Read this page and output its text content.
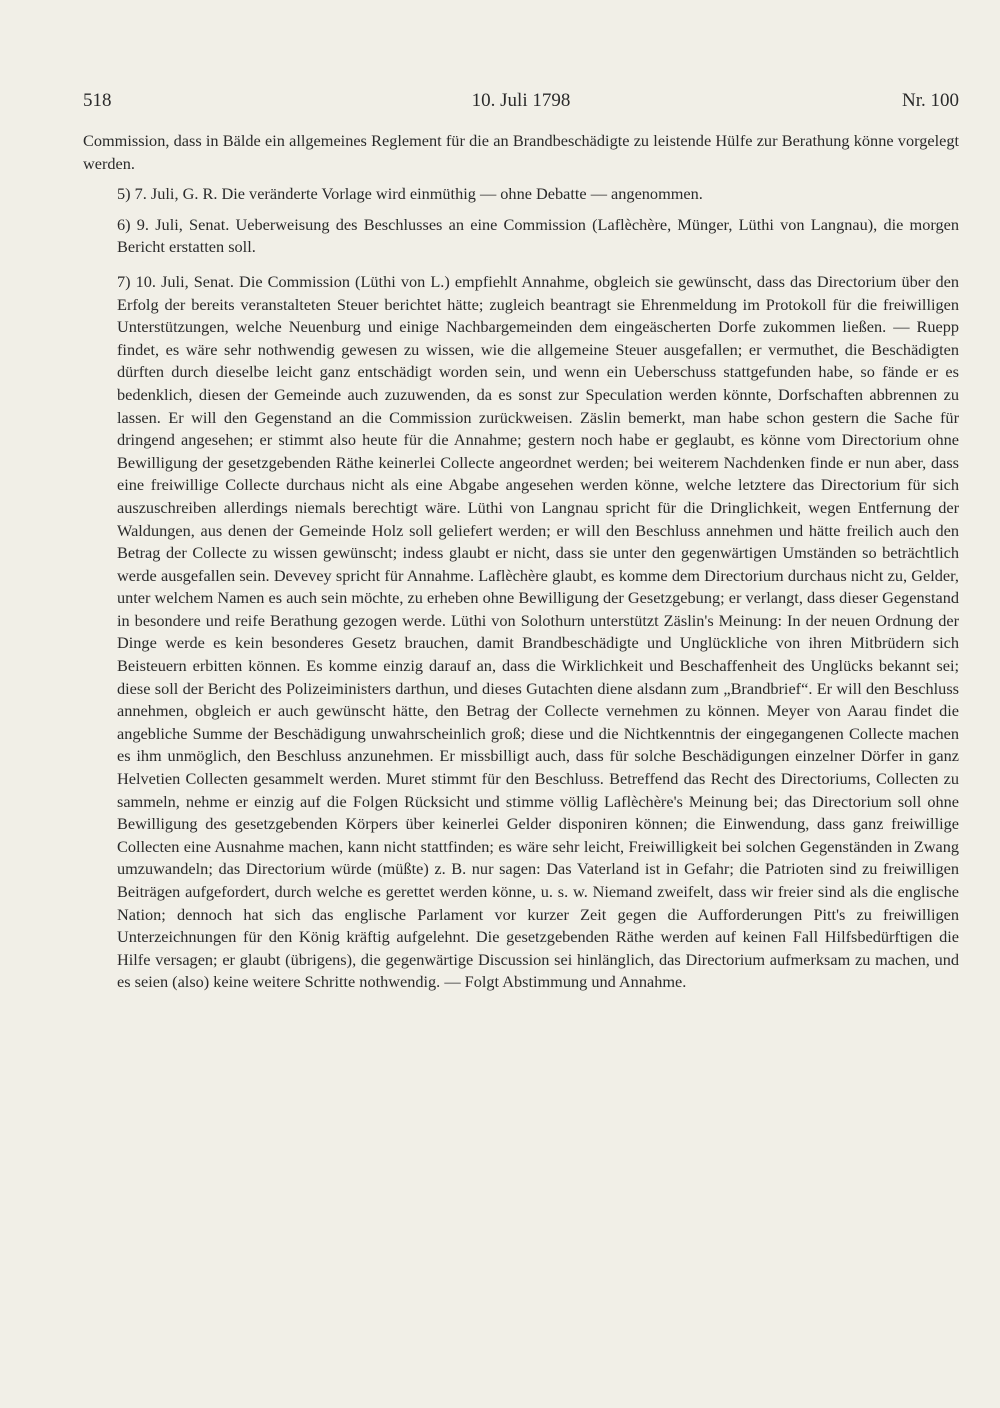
518	10. Juli 1798	Nr. 100

Commission, dass in Bälde ein allgemeines Reglement für die an Brandbeschädigte zu leistende Hülfe zur Berathung könne vorgelegt werden.

5) 7. Juli, G. R. Die veränderte Vorlage wird einmüthig — ohne Debatte — angenommen.

6) 9. Juli, Senat. Ueberweisung des Beschlusses an eine Commission (Laflèchère, Münger, Lüthi von Langnau), die morgen Bericht erstatten soll.

7) 10. Juli, Senat. Die Commission (Lüthi von L.) empfiehlt Annahme, obgleich sie gewünscht, dass das Directorium über den Erfolg der bereits veranstalteten Steuer berichtet hätte; zugleich beantragt sie Ehrenmeldung im Protokoll für die freiwilligen Unterstützungen, welche Neuenburg und einige Nachbargemeinden dem eingeäscherten Dorfe zukommen ließen. — Ruepp findet, es wäre sehr nothwendig gewesen zu wissen, wie die allgemeine Steuer ausgefallen; er vermuthet, die Beschädigten dürften durch dieselbe leicht ganz entschädigt worden sein, und wenn ein Ueberschuss stattgefunden habe, so fände er es bedenklich, diesen der Gemeinde auch zuzuwenden, da es sonst zur Speculation werden könnte, Dorfschaften abbrennen zu lassen. Er will den Gegenstand an die Commission zurückweisen. Zäslin bemerkt, man habe schon gestern die Sache für dringend angesehen; er stimmt also heute für die Annahme; gestern noch habe er geglaubt, es könne vom Directorium ohne Bewilligung der gesetzgebenden Räthe keinerlei Collecte angeordnet werden; bei weiterem Nachdenken finde er nun aber, dass eine freiwillige Collecte durchaus nicht als eine Abgabe angesehen werden könne, welche letztere das Directorium für sich auszuschreiben allerdings niemals berechtigt wäre. Lüthi von Langnau spricht für die Dringlichkeit, wegen Entfernung der Waldungen, aus denen der Gemeinde Holz soll geliefert werden; er will den Beschluss annehmen und hätte freilich auch den Betrag der Collecte zu wissen gewünscht; indess glaubt er nicht, dass sie unter den gegenwärtigen Umständen so beträchtlich werde ausgefallen sein. Devevey spricht für Annahme. Laflèchère glaubt, es komme dem Directorium durchaus nicht zu, Gelder, unter welchem Namen es auch sein möchte, zu erheben ohne Bewilligung der Gesetzgebung; er verlangt, dass dieser Gegenstand in besondere und reife Berathung gezogen werde. Lüthi von Solothurn unterstützt Zäslin's Meinung: In der neuen Ordnung der Dinge werde es kein besonderes Gesetz brauchen, damit Brandbeschädigte und Unglückliche von ihren Mitbrüdern sich Beisteuern erbitten können. Es komme einzig darauf an, dass die Wirklichkeit und Beschaffenheit des Unglücks bekannt sei; diese soll der Bericht des Polizeiministers darthun, und dieses Gutachten diene alsdann zum „Brandbrief“. Er will den Beschluss annehmen, obgleich er auch gewünscht hätte, den Betrag der Collecte vernehmen zu können. Meyer von Aarau findet die angebliche Summe der Beschädigung unwahrscheinlich groß; diese und die Nichtkenntnis der eingegangenen Collecte machen es ihm unmöglich, den Beschluss anzunehmen. Er missbilligt auch, dass für solche Beschädigungen einzelner Dörfer in ganz Helvetien Collecten gesammelt werden. Muret stimmt für den Beschluss. Betreffend das Recht des Directoriums, Collecten zu sammeln, nehme er einzig auf die Folgen Rücksicht und stimme völlig Laflèchère's Meinung bei; das Directorium soll ohne Bewilligung des gesetzgebenden Körpers über keinerlei Gelder disponiren können; die Einwendung, dass ganz freiwillige Collecten eine Ausnahme machen, kann nicht stattfinden; es wäre sehr leicht, Freiwilligkeit bei solchen Gegenständen in Zwang umzuwandeln; das Directorium würde (müßte) z. B. nur sagen: Das Vaterland ist in Gefahr; die Patrioten sind zu freiwilligen Beiträgen aufgefordert, durch welche es gerettet werden könne, u. s. w. Niemand zweifelt, dass wir freier sind als die englische Nation; dennoch hat sich das englische Parlament vor kurzer Zeit gegen die Aufforderungen Pitt's zu freiwilligen Unterzeichnungen für den König kräftig aufgelehnt. Die gesetzgebenden Räthe werden auf keinen Fall Hilfsbedürftigen die Hilfe versagen; er glaubt (übrigens), die gegenwärtige Discussion sei hinlänglich, das Directorium aufmerksam zu machen, und es seien (also) keine weitere Schritte nothwendig. — Folgt Abstimmung und Annahme.
